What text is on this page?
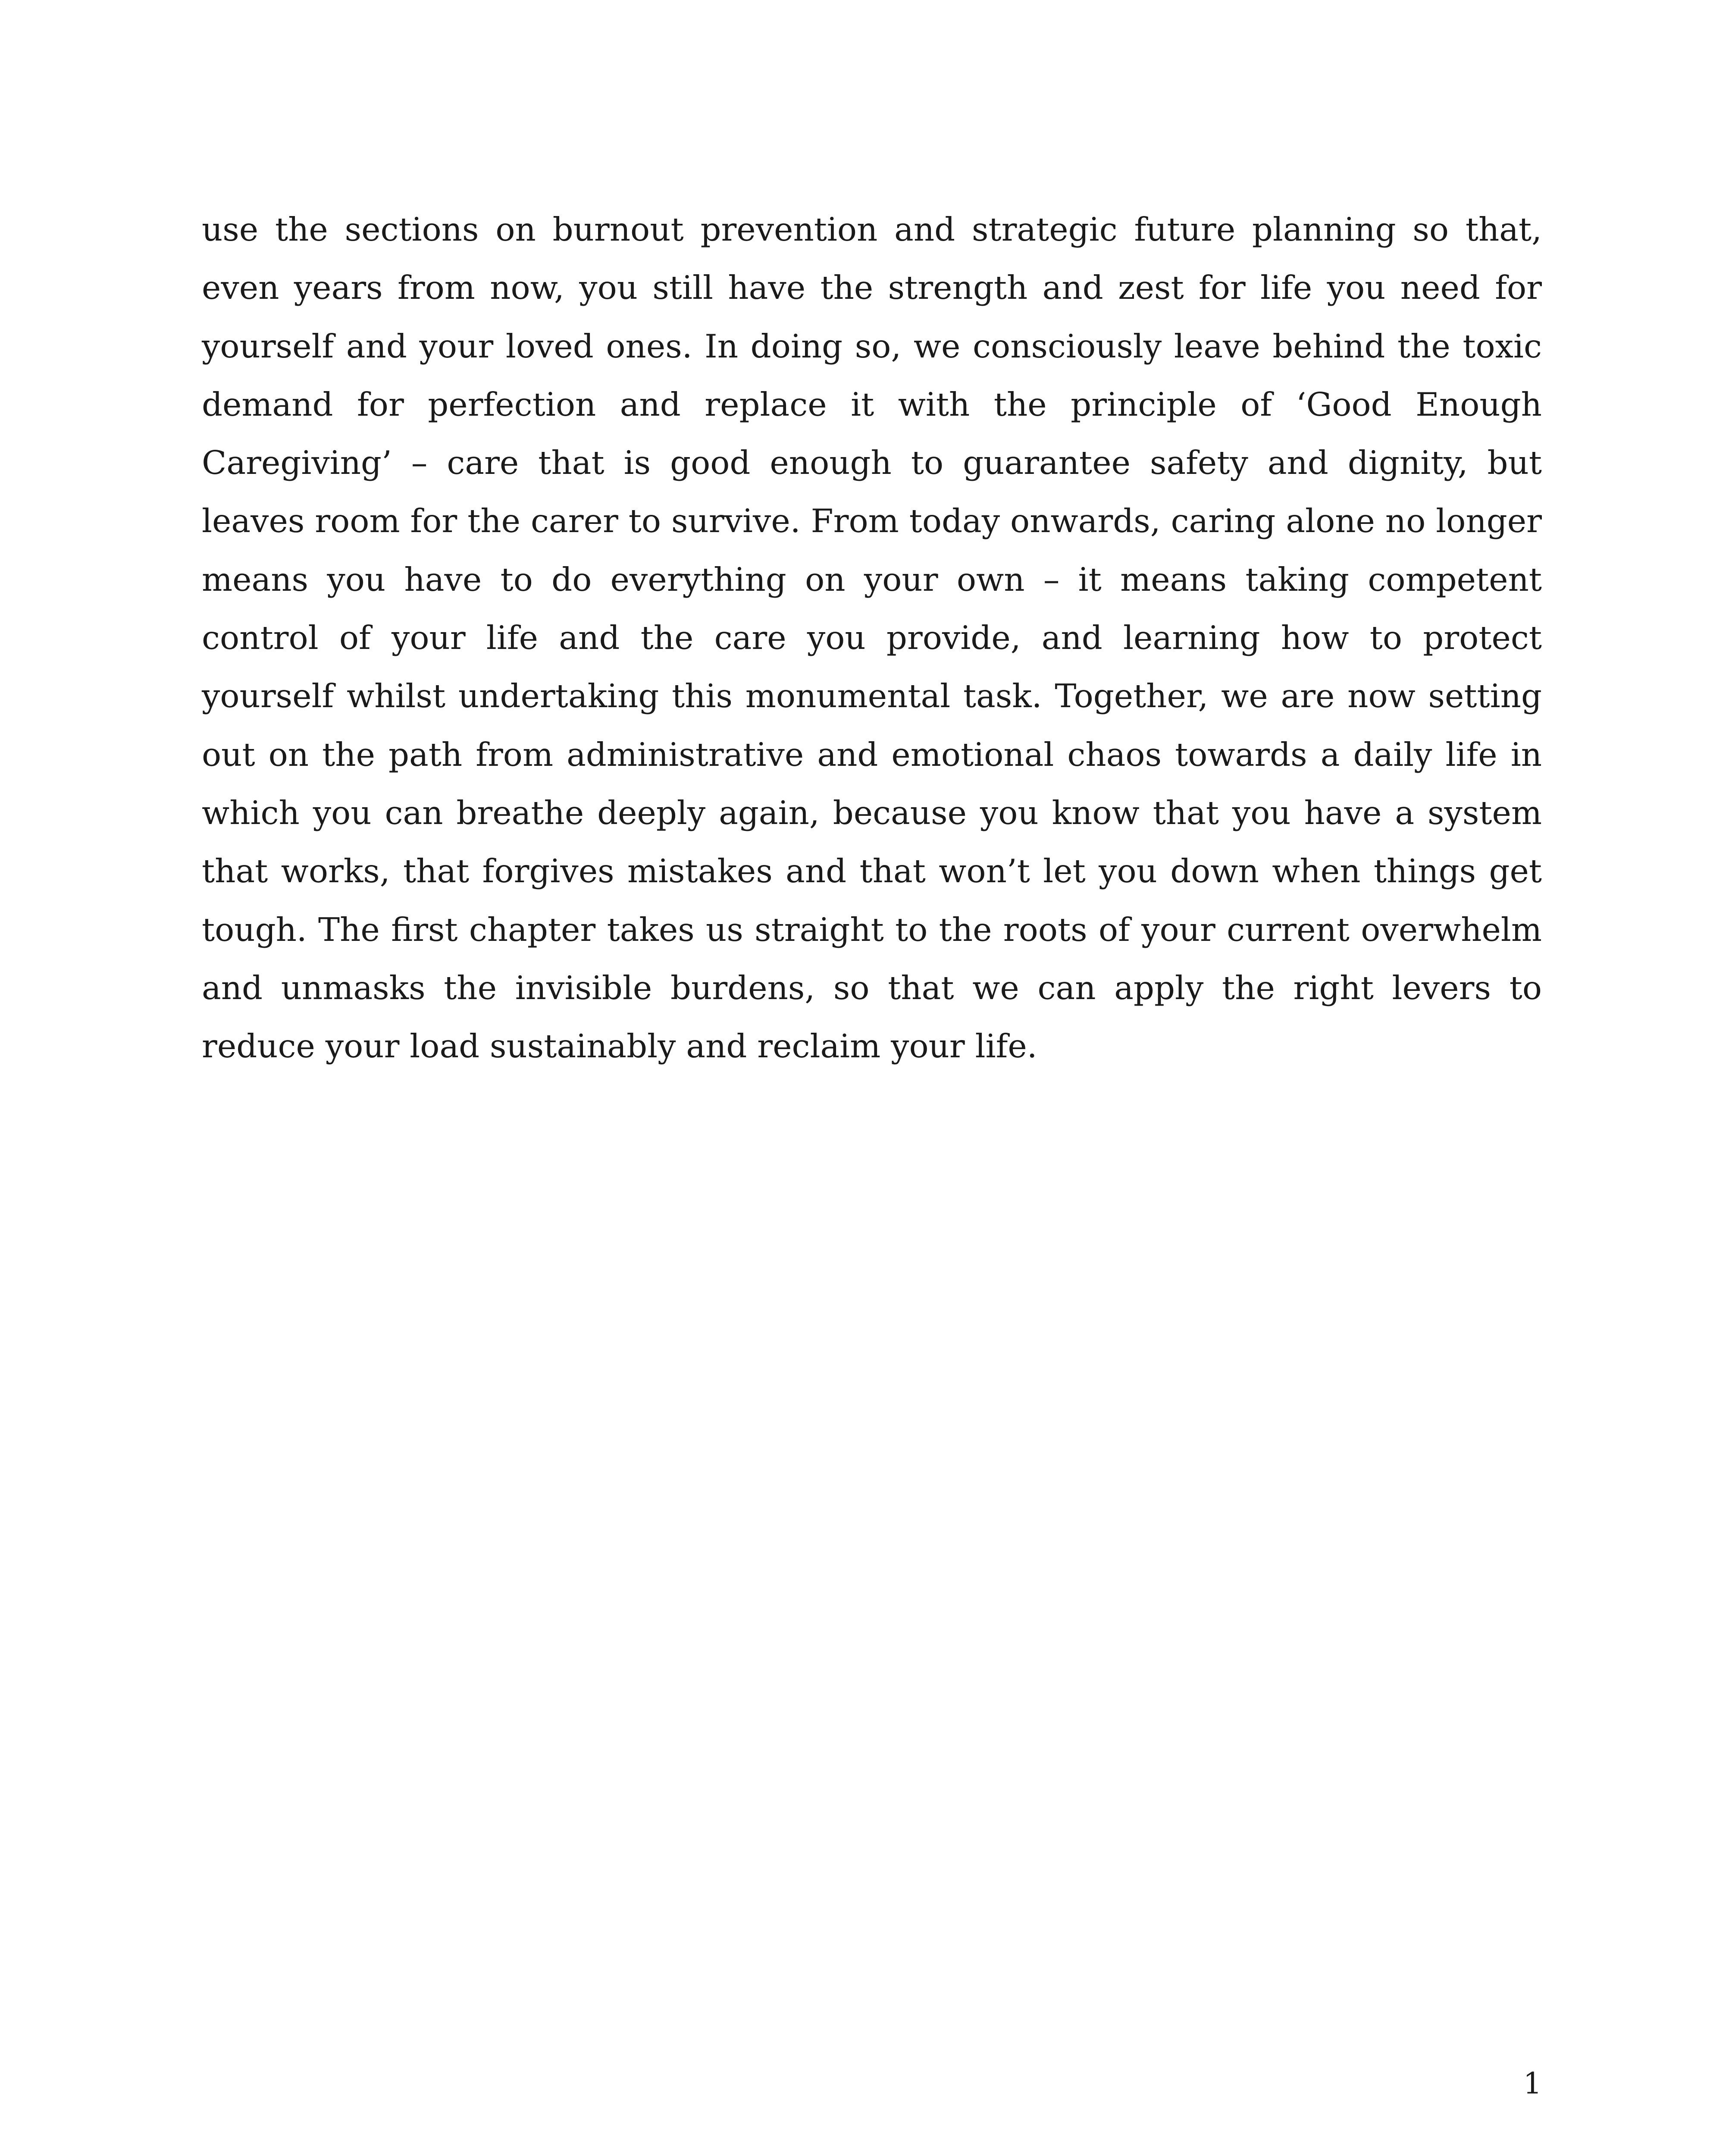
use the sections on burnout prevention and strategic future planning so that, even years from now, you still have the strength and zest for life you need for yourself and your loved ones. In doing so, we consciously leave behind the toxic demand for perfection and replace it with the principle of ‘Good Enough Caregiving’ – care that is good enough to guarantee safety and dignity, but leaves room for the carer to survive. From today onwards, caring alone no longer means you have to do everything on your own – it means taking competent control of your life and the care you provide, and learning how to protect yourself whilst undertaking this monumental task. Together, we are now setting out on the path from administrative and emotional chaos towards a daily life in which you can breathe deeply again, because you know that you have a system that works, that forgives mistakes and that won’t let you down when things get tough. The first chapter takes us straight to the roots of your current overwhelm and unmasks the invisible burdens, so that we can apply the right levers to reduce your load sustainably and reclaim your life.

1
